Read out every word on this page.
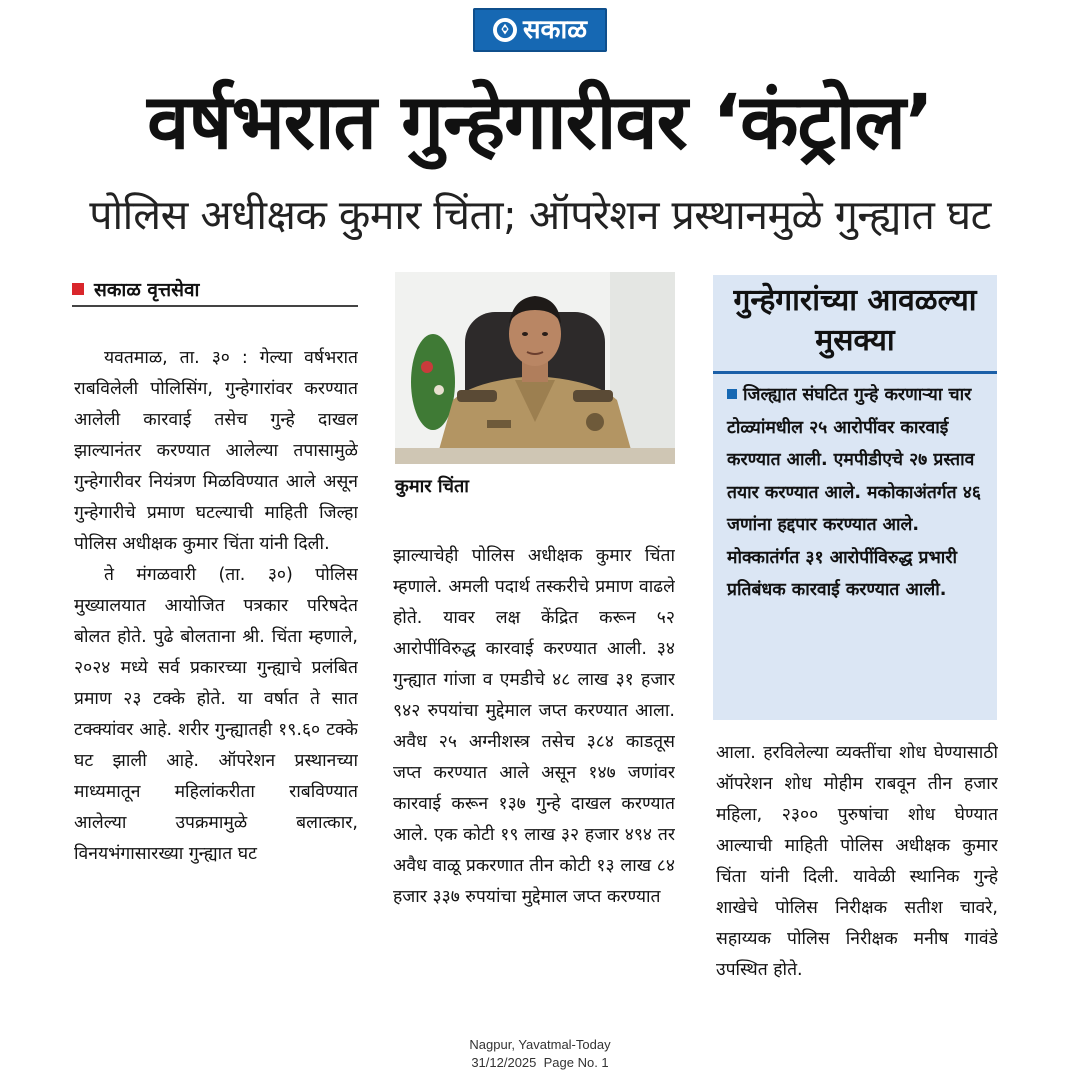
सकाळ
वर्षभरात गुन्हेगारीवर ‘कंट्रोल’
पोलिस अधीक्षक कुमार चिंता; ऑपरेशन प्रस्थानमुळे गुन्ह्यात घट
सकाळ वृत्तसेवा

यवतमाळ, ता. ३० : गेल्या वर्षभरात राबविलेली पोलिसिंग, गुन्हेगारांवर करण्यात आलेली कारवाई तसेच गुन्हे दाखल झाल्यानंतर करण्यात आलेल्या तपासामुळे गुन्हेगारीवर नियंत्रण मिळविण्यात आले असून गुन्हेगारीचे प्रमाण घटल्याची माहिती जिल्हा पोलिस अधीक्षक कुमार चिंता यांनी दिली.

ते मंगळवारी (ता. ३०) पोलिस मुख्यालयात आयोजित पत्रकार परिषदेत बोलत होते. पुढे बोलताना श्री. चिंता म्हणाले, २०२४ मध्ये सर्व प्रकारच्या गुन्ह्याचे प्रलंबित प्रमाण २३ टक्के होते. या वर्षात ते सात टक्क्यांवर आहे. शरीर गुन्ह्यातही १९.६० टक्के घट झाली आहे. ऑपरेशन प्रस्थानच्या माध्यमातून महिलांकरीता राबविण्यात आलेल्या उपक्रमामुळे बलात्कार, विनयभंगासारख्या गुन्ह्यात घट

कुमार चिंता

झाल्याचेही पोलिस अधीक्षक कुमार चिंता म्हणाले. अमली पदार्थ तस्करीचे प्रमाण वाढले होते. यावर लक्ष केंद्रित करून ५२ आरोपींविरुद्ध कारवाई करण्यात आली. ३४ गुन्ह्यात गांजा व एमडीचे ४८ लाख ३१ हजार ९४२ रुपयांचा मुद्देमाल जप्त करण्यात आला. अवैध २५ अग्नीशस्त्र तसेच ३८४ काडतूस जप्त करण्यात आले असून १४७ जणांवर कारवाई करून १३७ गुन्हे दाखल करण्यात आले. एक कोटी १९ लाख ३२ हजार ४९४ तर अवैध वाळू प्रकरणात तीन कोटी १३ लाख ८४ हजार ३३७ रुपयांचा मुद्देमाल जप्त करण्यात

गुन्हेगारांच्या आवळल्या मुसक्या
जिल्ह्यात संघटित गुन्हे करणाऱ्या चार टोळ्यांमधील २५ आरोपींवर कारवाई करण्यात आली. एमपीडीएचे २७ प्रस्ताव तयार करण्यात आले. मकोकाअंतर्गत ४६ जणांना हद्दपार करण्यात आले. मोक्कातंर्गत ३१ आरोपींविरुद्ध प्रभारी प्रतिबंधक कारवाई करण्यात आली.

आला. हरविलेल्या व्यक्तींचा शोध घेण्यासाठी ऑपरेशन शोध मोहीम राबवून तीन हजार महिला, २३०० पुरुषांचा शोध घेण्यात आल्याची माहिती पोलिस अधीक्षक कुमार चिंता यांनी दिली. यावेळी स्थानिक गुन्हे शाखेचे पोलिस निरीक्षक सतीश चावरे, सहाय्यक पोलिस निरीक्षक मनीष गावंडे उपस्थित होते.

Nagpur, Yavatmal-Today
31/12/2025  Page No. 1
